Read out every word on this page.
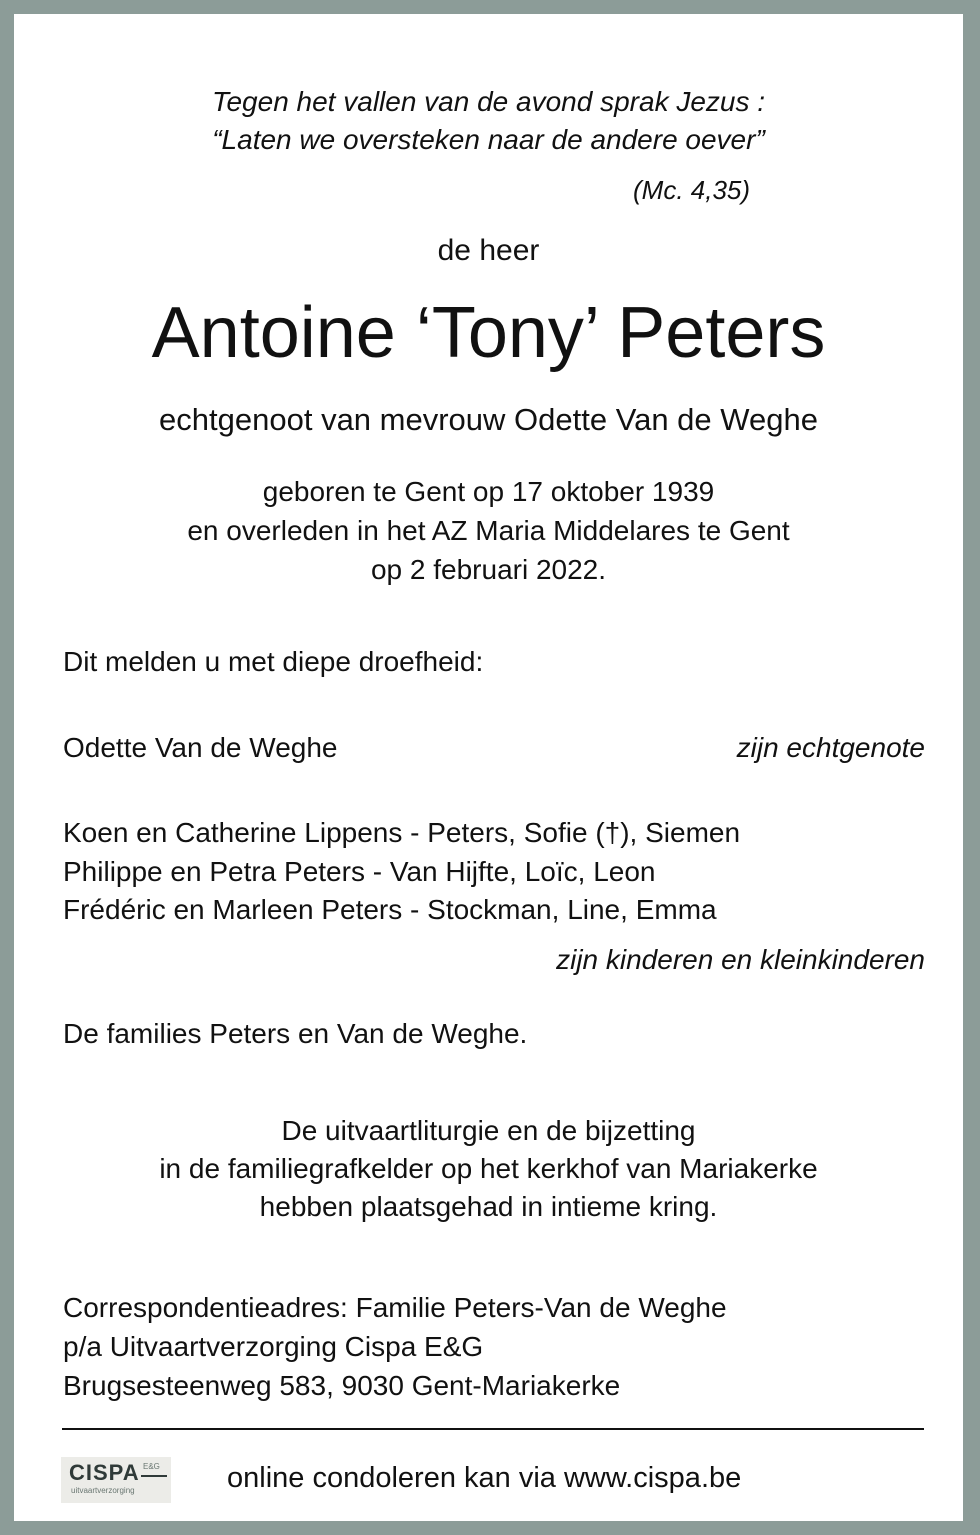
Tegen het vallen van de avond sprak Jezus :

“Laten we oversteken naar de andere oever”

(Mc. 4,35)

de heer

Antoine ‘Tony’ Peters

echtgenoot van mevrouw Odette Van de Weghe

geboren te Gent op 17 oktober 1939

en overleden in het AZ Maria Middelares te Gent

op 2 februari 2022.

Dit melden u met diepe droefheid:

Odette Van de Weghe	zijn echtgenote

Koen en Catherine Lippens - Peters, Sofie (†), Siemen

Philippe en Petra Peters - Van Hijfte, Loïc, Leon

Frédéric en Marleen Peters - Stockman, Line, Emma

zijn kinderen en kleinkinderen

De families Peters en Van de Weghe.

De uitvaartliturgie en de bijzetting

in de familiegrafkelder op het kerkhof van Mariakerke

hebben plaatsgehad in intieme kring.

Correspondentieadres: Familie Peters-Van de Weghe

p/a Uitvaartverzorging Cispa E&G

Brugsesteenweg 583, 9030 Gent-Mariakerke

CISPA E&G
uitvaartverzorging	online condoleren kan via www.cispa.be
